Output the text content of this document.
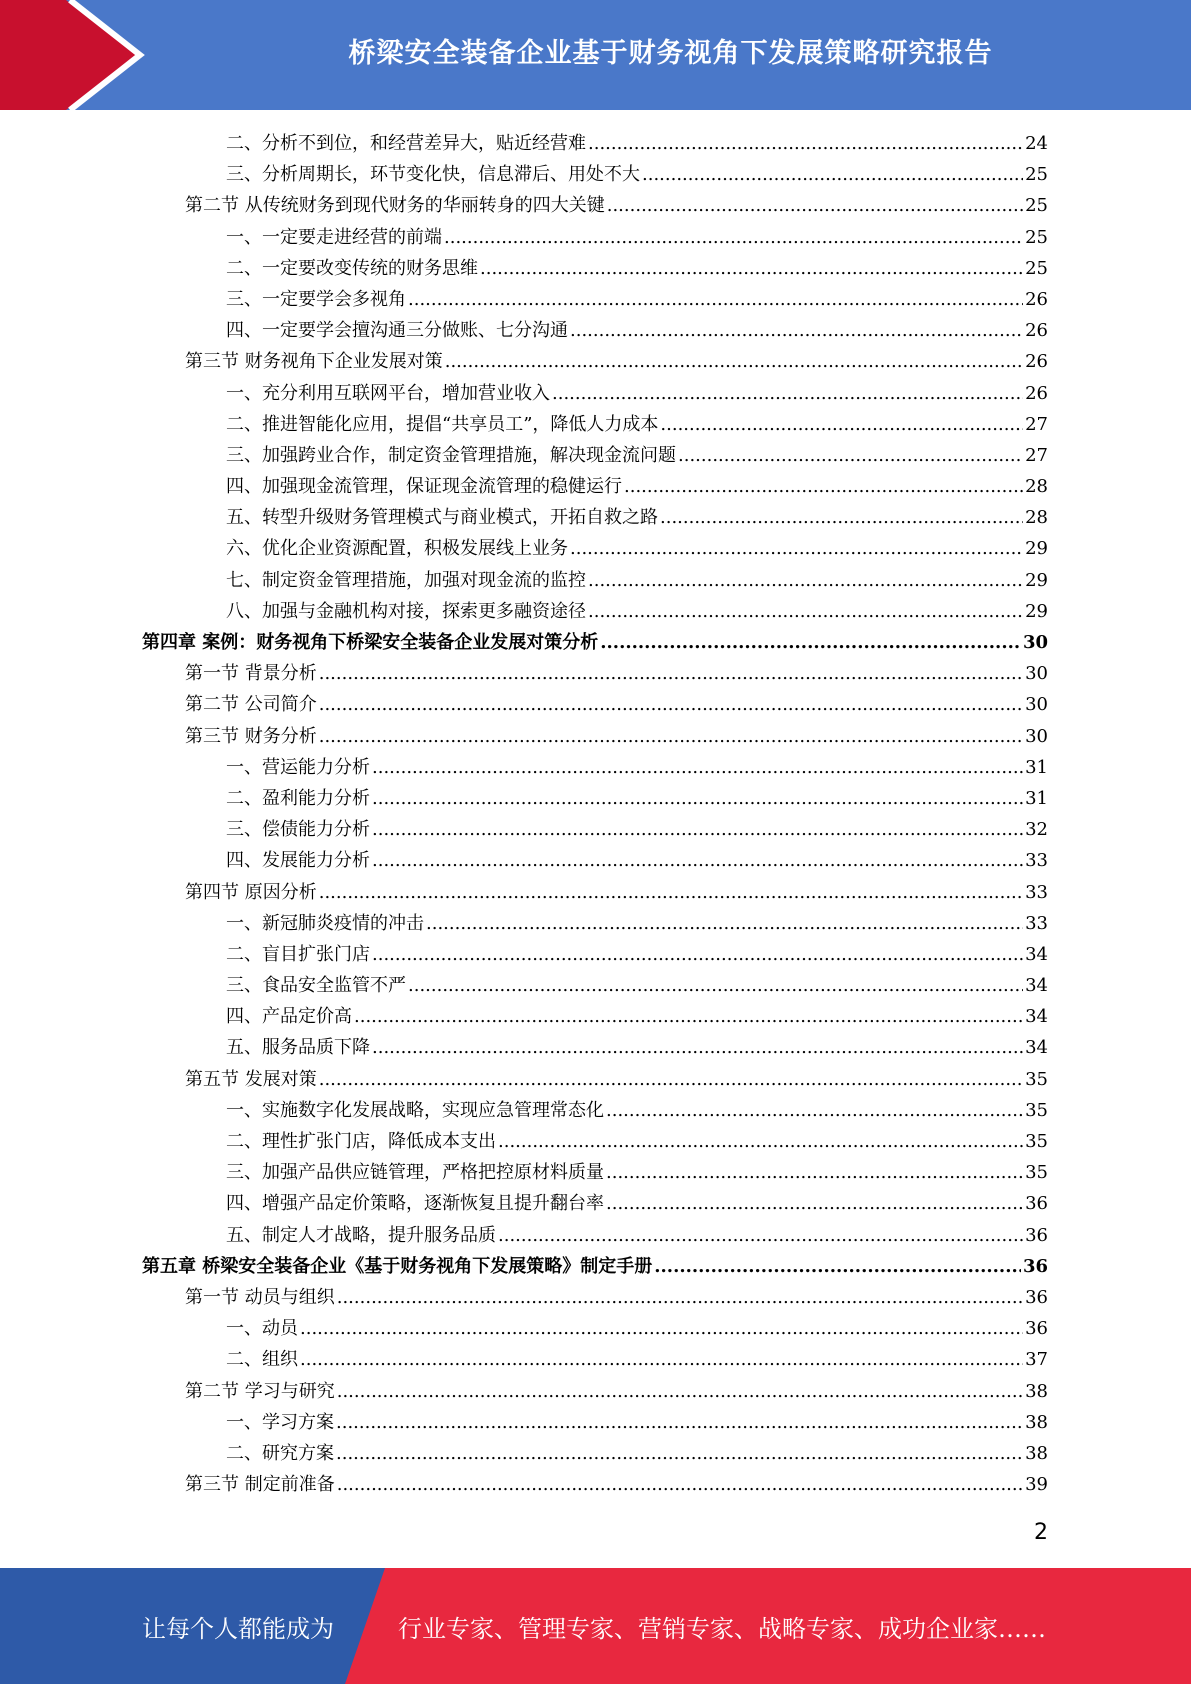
桥梁安全装备企业基于财务视角下发展策略研究报告
二、分析不到位，和经营差异大，贴近经营难 .....	24
三、分析周期长，环节变化快，信息滞后、用处不大 .....	25
第二节 从传统财务到现代财务的华丽转身的四大关键 .....	25
一、一定要走进经营的前端 .....	25
二、一定要改变传统的财务思维 .....	25
三、一定要学会多视角 .....	26
四、一定要学会擅沟通三分做账、七分沟通 .....	26
第三节 财务视角下企业发展对策 .....	26
一、充分利用互联网平台，增加营业收入 .....	26
二、推进智能化应用，提倡“共享员工”，降低人力成本 .....	27
三、加强跨业合作，制定资金管理措施，解决现金流问题 .....	27
四、加强现金流管理，保证现金流管理的稳健运行 .....	28
五、转型升级财务管理模式与商业模式，开拓自救之路 .....	28
六、优化企业资源配置，积极发展线上业务 .....	29
七、制定资金管理措施，加强对现金流的监控 .....	29
八、加强与金融机构对接，探索更多融资途径 .....	29
第四章 案例：财务视角下桥梁安全装备企业发展对策分析 .....	30
第一节 背景分析 .....	30
第二节 公司简介 .....	30
第三节 财务分析 .....	30
一、营运能力分析 .....	31
二、盈利能力分析 .....	31
三、偿债能力分析 .....	32
四、发展能力分析 .....	33
第四节 原因分析 .....	33
一、新冠肺炎疫情的冲击 .....	33
二、盲目扩张门店 .....	34
三、食品安全监管不严 .....	34
四、产品定价高 .....	34
五、服务品质下降 .....	34
第五节 发展对策 .....	35
一、实施数字化发展战略，实现应急管理常态化 .....	35
二、理性扩张门店，降低成本支出 .....	35
三、加强产品供应链管理，严格把控原材料质量 .....	35
四、增强产品定价策略，逐渐恢复且提升翻台率 .....	36
五、制定人才战略，提升服务品质 .....	36
第五章 桥梁安全装备企业《基于财务视角下发展策略》制定手册 .....	36
第一节 动员与组织 .....	36
一、动员 .....	36
二、组织 .....	37
第二节 学习与研究 .....	38
一、学习方案 .....	38
二、研究方案 .....	38
第三节 制定前准备 .....	39
2
让每个人都能成为	行业专家、管理专家、营销专家、战略专家、成功企业家……
